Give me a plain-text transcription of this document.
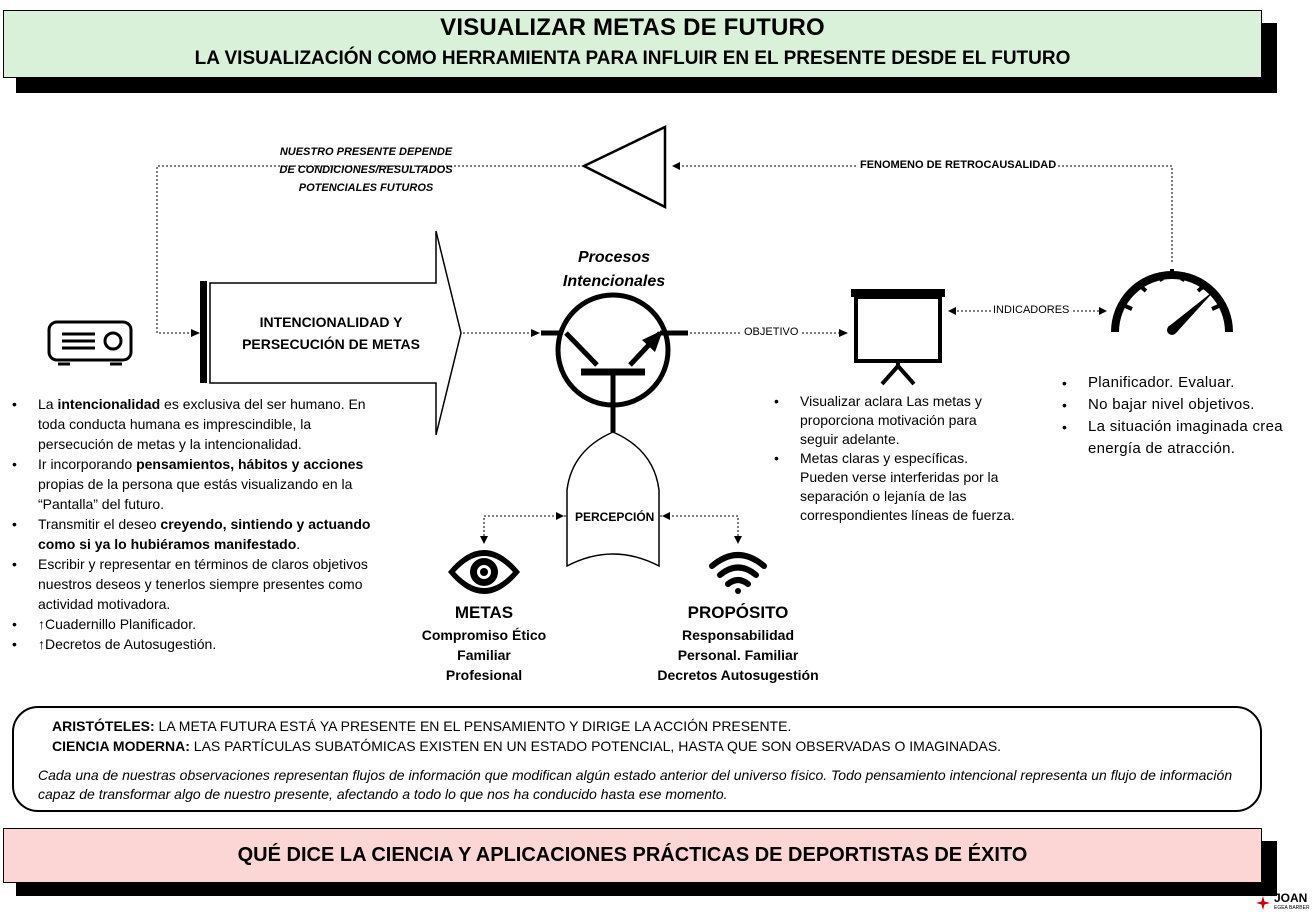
VISUALIZAR METAS DE FUTURO
LA VISUALIZACIÓN COMO HERRAMIENTA PARA INFLUIR EN EL PRESENTE DESDE EL FUTURO
NUESTRO PRESENTE DEPENDE
DE CONDICIONES/RESULTADOS
POTENCIALES FUTUROS
FENOMENO DE RETROCAUSALIDAD
INTENCIONALIDAD Y
PERSECUCIÓN DE METAS
Procesos
Intencionales
OBJETIVO
INDICADORES
PERCEPCIÓN
• La intencionalidad es exclusiva del ser humano. En toda conducta humana es imprescindible, la persecución de metas y la intencionalidad.
• Ir incorporando pensamientos, hábitos y acciones propias de la persona que estás visualizando en la “Pantalla” del futuro.
• Transmitir el deseo creyendo, sintiendo y actuando como si ya lo hubiéramos manifestado.
• Escribir y representar en términos de claros objetivos nuestros deseos y tenerlos siempre presentes como actividad motivadora.
• ↑Cuadernillo Planificador.
• ↑Decretos de Autosugestión.
• Visualizar aclara Las metas y proporciona motivación para seguir adelante.
• Metas claras y específicas. Pueden verse interferidas por la separación o lejanía de las correspondientes líneas de fuerza.
• Planificador. Evaluar.
• No bajar nivel objetivos.
• La situación imaginada crea energía de atracción.
METAS
Compromiso Ético
Familiar
Profesional
PROPÓSITO
Responsabilidad
Personal. Familiar
Decretos Autosugestión
ARISTÓTELES: LA META FUTURA ESTÁ YA PRESENTE EN EL PENSAMIENTO Y DIRIGE LA ACCIÓN PRESENTE.
CIENCIA MODERNA: LAS PARTÍCULAS SUBATÓMICAS EXISTEN EN UN ESTADO POTENCIAL, HASTA QUE SON OBSERVADAS O IMAGINADAS.
Cada una de nuestras observaciones representan flujos de información que modifican algún estado anterior del universo físico. Todo pensamiento intencional representa un flujo de información capaz de transformar algo de nuestro presente, afectando a todo lo que nos ha conducido hasta ese momento.
QUÉ DICE LA CIENCIA Y APLICACIONES PRÁCTICAS DE DEPORTISTAS DE ÉXITO
JOAN
EGEA BARBER
